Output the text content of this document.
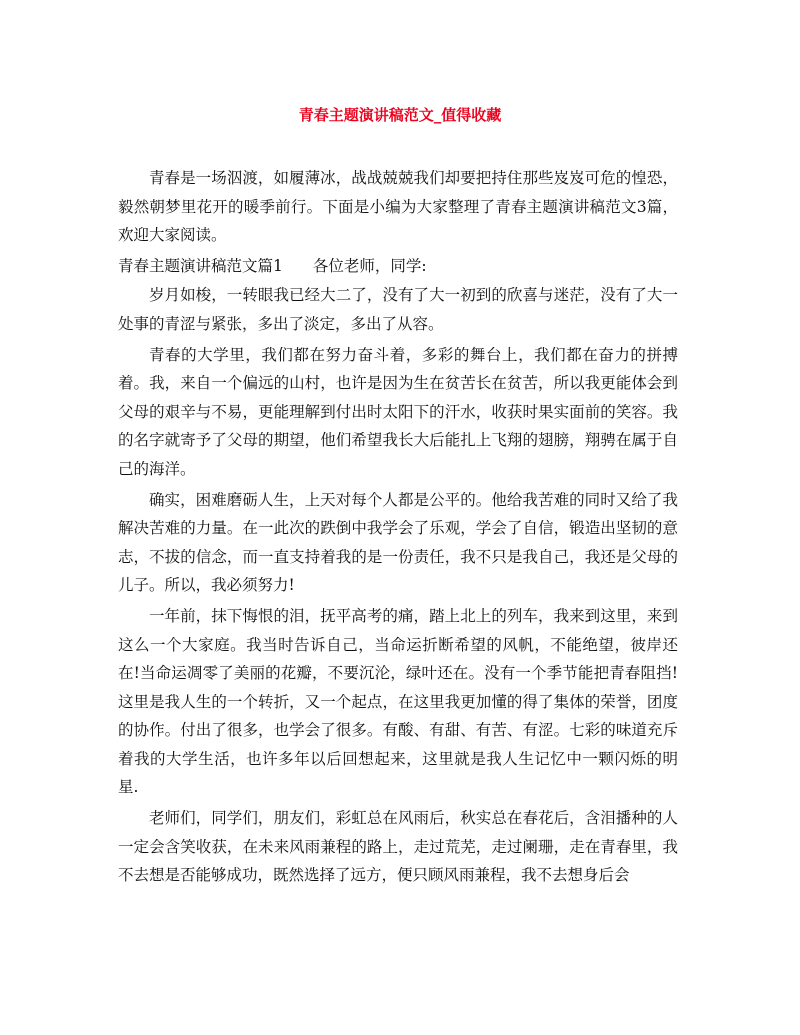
青春主题演讲稿范文_值得收藏

青春是一场泅渡，如履薄冰，战战兢兢我们却要把持住那些岌岌可危的惶恐，毅然朝梦里花开的暖季前行。下面是小编为大家整理了青春主题演讲稿范文3篇，欢迎大家阅读。

青春主题演讲稿范文篇1 各位老师，同学:

岁月如梭，一转眼我已经大二了，没有了大一初到的欣喜与迷茫，没有了大一处事的青涩与紧张，多出了淡定，多出了从容。

青春的大学里，我们都在努力奋斗着，多彩的舞台上，我们都在奋力的拼搏着。我，来自一个偏远的山村，也许是因为生在贫苦长在贫苦，所以我更能体会到父母的艰辛与不易，更能理解到付出时太阳下的汗水，收获时果实面前的笑容。我的名字就寄予了父母的期望，他们希望我长大后能扎上飞翔的翅膀，翔骋在属于自己的海洋。

确实，困难磨砺人生，上天对每个人都是公平的。他给我苦难的同时又给了我解决苦难的力量。在一此次的跌倒中我学会了乐观，学会了自信，锻造出坚韧的意志，不拔的信念，而一直支持着我的是一份责任，我不只是我自己，我还是父母的儿子。所以，我必须努力!

一年前，抹下悔恨的泪，抚平高考的痛，踏上北上的列车，我来到这里，来到这么一个大家庭。我当时告诉自己，当命运折断希望的风帆，不能绝望，彼岸还在!当命运凋零了美丽的花瓣，不要沉沦，绿叶还在。没有一个季节能把青春阻挡!这里是我人生的一个转折，又一个起点，在这里我更加懂的得了集体的荣誉，团度的协作。付出了很多，也学会了很多。有酸、有甜、有苦、有涩。七彩的味道充斥着我的大学生活，也许多年以后回想起来，这里就是我人生记忆中一颗闪烁的明星.

老师们，同学们，朋友们，彩虹总在风雨后，秋实总在春花后，含泪播种的人一定会含笑收获，在未来风雨兼程的路上，走过荒芜，走过阑珊，走在青春里，我不去想是否能够成功，既然选择了远方，便只顾风雨兼程，我不去想身后会
